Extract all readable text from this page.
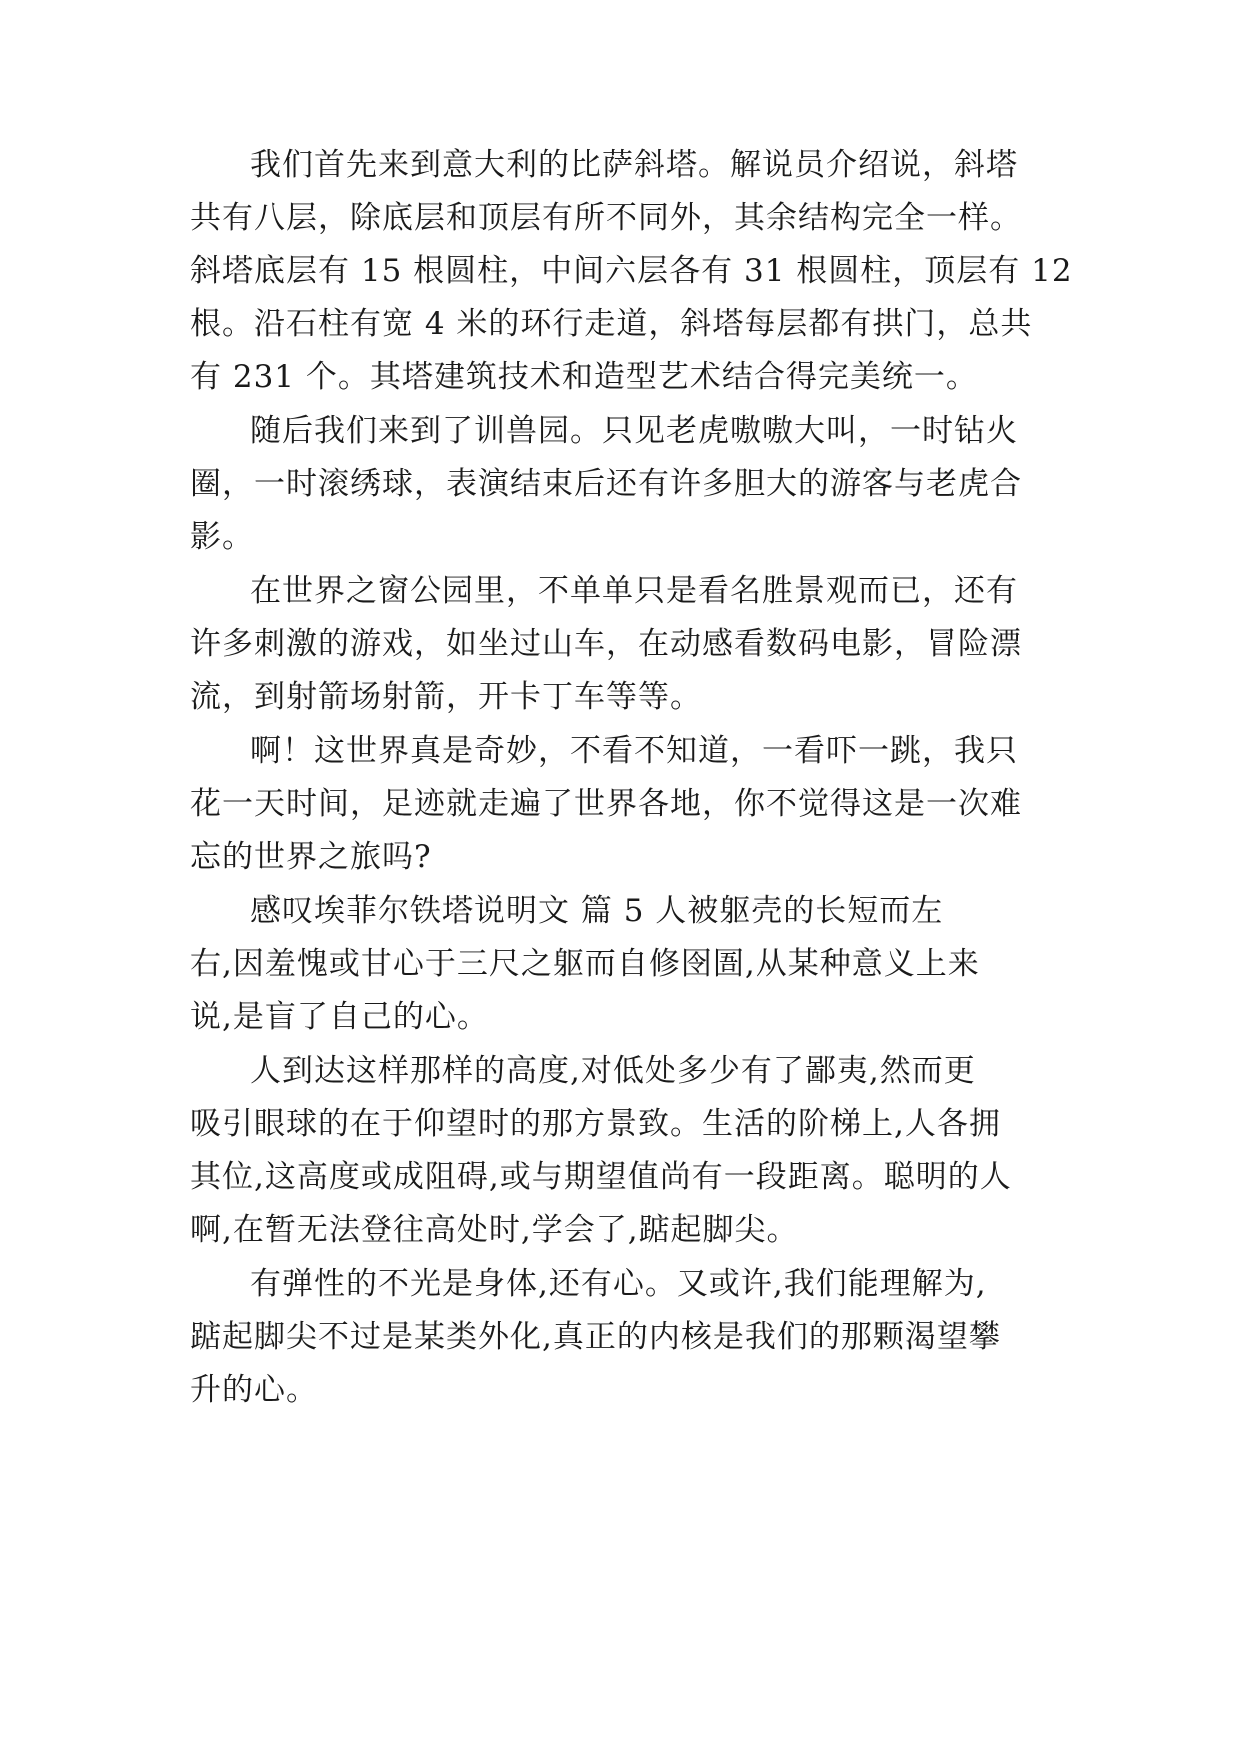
我们首先来到意大利的比萨斜塔。解说员介绍说，斜塔
共有八层，除底层和顶层有所不同外，其余结构完全一样。
斜塔底层有 15 根圆柱，中间六层各有 31 根圆柱，顶层有 12
根。沿石柱有宽 4 米的环行走道，斜塔每层都有拱门，总共
有 231 个。其塔建筑技术和造型艺术结合得完美统一。
随后我们来到了训兽园。只见老虎嗷嗷大叫，一时钻火
圈，一时滚绣球，表演结束后还有许多胆大的游客与老虎合
影。
在世界之窗公园里，不单单只是看名胜景观而已，还有
许多刺激的游戏，如坐过山车，在动感看数码电影，冒险漂
流，到射箭场射箭，开卡丁车等等。
啊！这世界真是奇妙，不看不知道，一看吓一跳，我只
花一天时间，足迹就走遍了世界各地，你不觉得这是一次难
忘的世界之旅吗?
感叹埃菲尔铁塔说明文 篇 5 人被躯壳的长短而左
右,因羞愧或甘心于三尺之躯而自修囹圄,从某种意义上来
说,是盲了自己的心。
人到达这样那样的高度,对低处多少有了鄙夷,然而更
吸引眼球的在于仰望时的那方景致。生活的阶梯上,人各拥
其位,这高度或成阻碍,或与期望值尚有一段距离。聪明的人
啊,在暂无法登往高处时,学会了,踮起脚尖。
有弹性的不光是身体,还有心。又或许,我们能理解为,
踮起脚尖不过是某类外化,真正的内核是我们的那颗渴望攀
升的心。
